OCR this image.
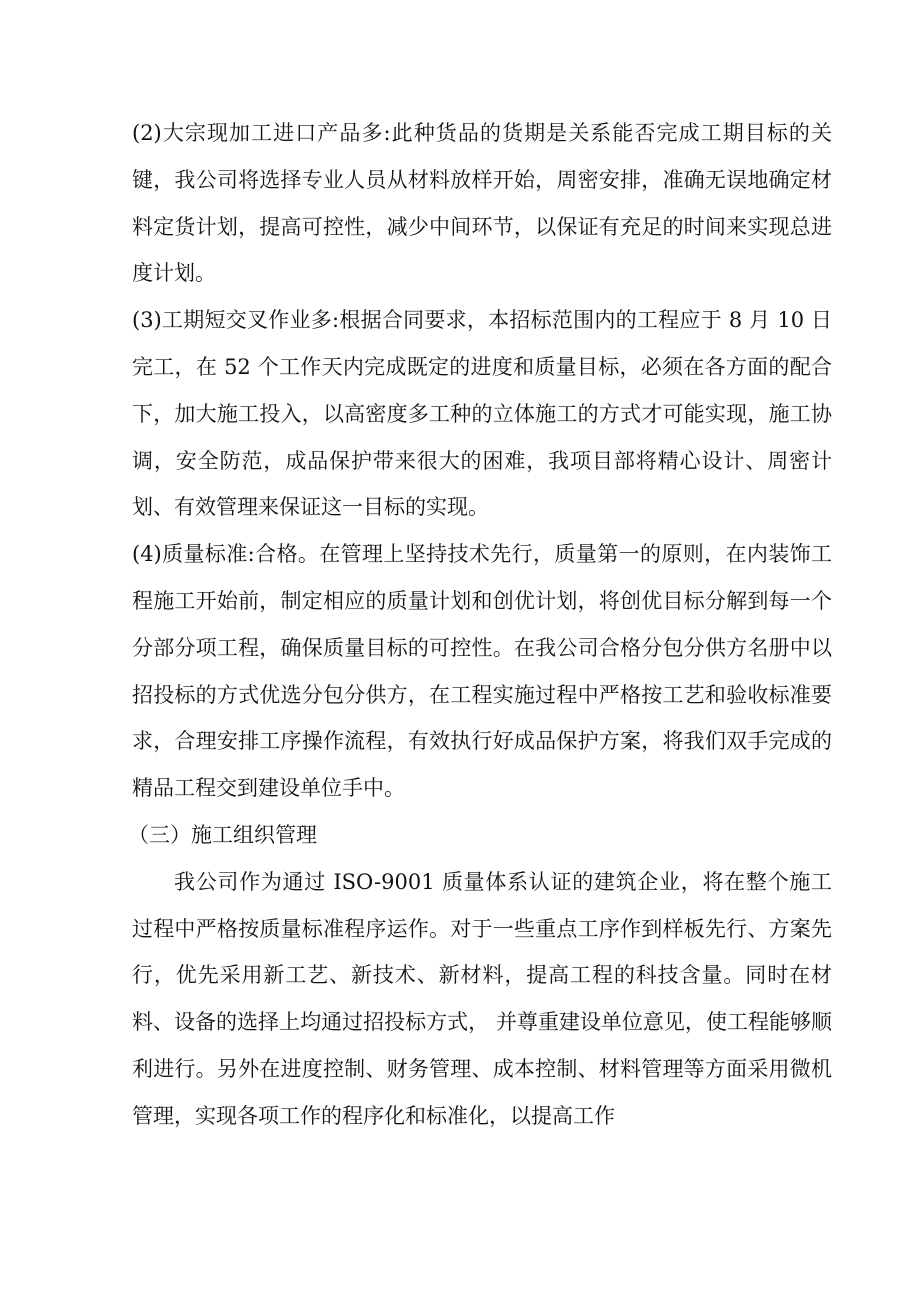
(2)大宗现加工进口产品多:此种货品的货期是关系能否完成工期目标的关键，我公司将选择专业人员从材料放样开始，周密安排，准确无误地确定材料定货计划，提高可控性，减少中间环节，以保证有充足的时间来实现总进度计划。

(3)工期短交叉作业多:根据合同要求，本招标范围内的工程应于 8 月 10 日完工，在 52 个工作天内完成既定的进度和质量目标，必须在各方面的配合下，加大施工投入，以高密度多工种的立体施工的方式才可能实现，施工协调，安全防范，成品保护带来很大的困难，我项目部将精心设计、周密计划、有效管理来保证这一目标的实现。

(4)质量标准:合格。在管理上坚持技术先行，质量第一的原则，在内装饰工程施工开始前，制定相应的质量计划和创优计划，将创优目标分解到每一个分部分项工程，确保质量目标的可控性。在我公司合格分包分供方名册中以招投标的方式优选分包分供方，在工程实施过程中严格按工艺和验收标准要求，合理安排工序操作流程，有效执行好成品保护方案，将我们双手完成的精品工程交到建设单位手中。

（三）施工组织管理

我公司作为通过 ISO-9001 质量体系认证的建筑企业，将在整个施工过程中严格按质量标准程序运作。对于一些重点工序作到样板先行、方案先行，优先采用新工艺、新技术、新材料，提高工程的科技含量。同时在材料、设备的选择上均通过招投标方式， 并尊重建设单位意见，使工程能够顺利进行。另外在进度控制、财务管理、成本控制、材料管理等方面采用微机管理，实现各项工作的程序化和标准化，以提高工作
